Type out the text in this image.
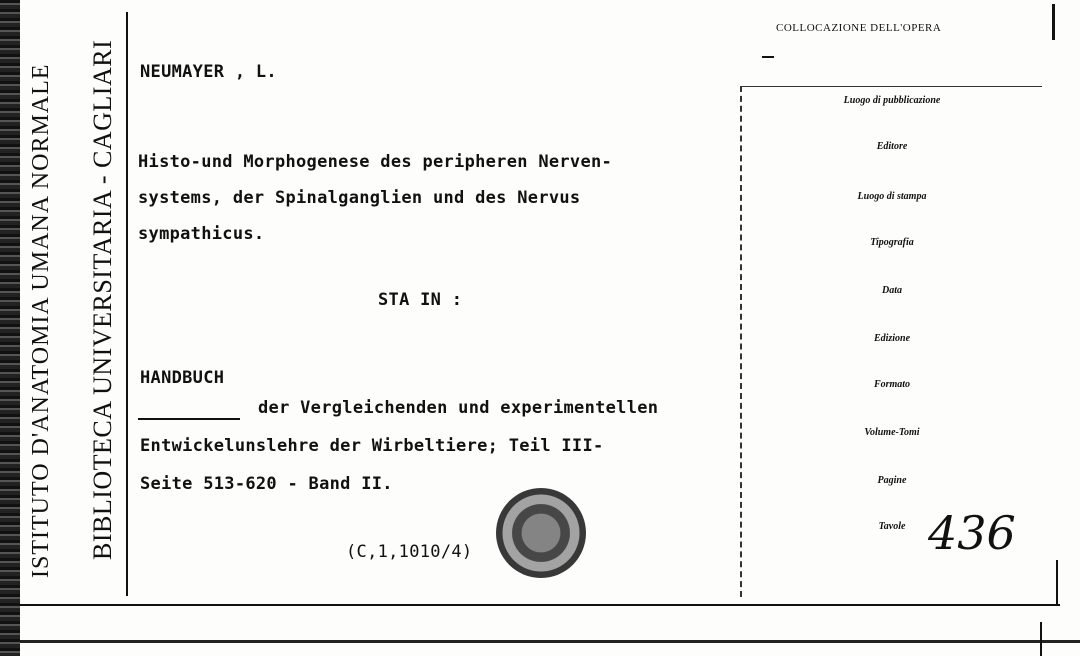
ISTITUTO D'ANATOMIA UMANA NORMALE BIBLIOTECA UNIVERSITARIA - CAGLIARI NEUMAYER , L.
Histo-und Morphogenese des peripheren Nerven-
systems, der Spinalganglien und des Nervus
sympathicus.
STA IN :
HANDBUCH
der Vergleichenden und experimentellen
Entwickelunslehre der Wirbeltiere; Teil III-
Seite 513-620 - Band II.
(C,1,1010/4)
COLLOCAZIONE DELL'OPERA
Luogo di pubblicazione
Editore
Luogo di stampa
Tipografia
Data
Edizione
Formato
Volume-Tomi
Pagine
Tavole 436
